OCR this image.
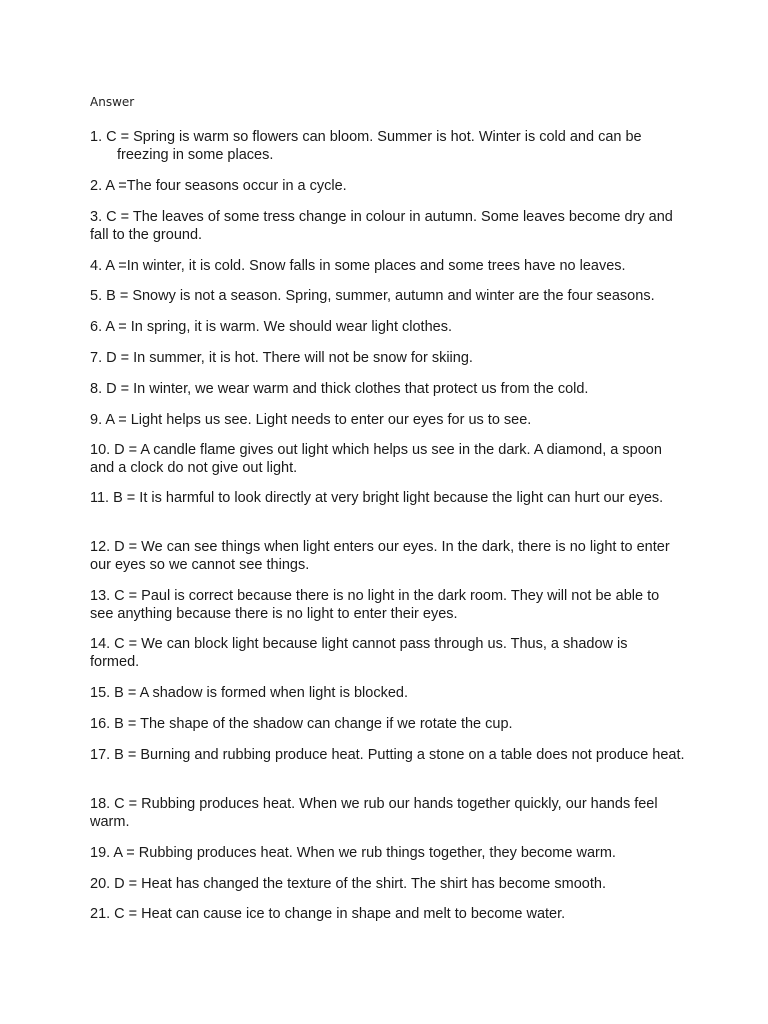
Answer

1. C = Spring is warm so flowers can bloom. Summer is hot. Winter is cold and can be freezing in some places.

2. A =The four seasons occur in a cycle.

3. C = The leaves of some tress change in colour in autumn. Some leaves become dry and fall to the ground.

4. A =In winter, it is cold. Snow falls in some places and some trees have no leaves.

5. B = Snowy is not a season. Spring, summer, autumn and winter are the four seasons.

6. A = In spring, it is warm. We should wear light clothes.

7. D = In summer, it is hot. There will not be snow for skiing.

8. D = In winter, we wear warm and thick clothes that protect us from the cold.

9. A = Light helps us see. Light needs to enter our eyes for us to see.

10. D = A candle flame gives out light which helps us see in the dark. A diamond, a spoon and a clock do not give out light.

11. B = It is harmful to look directly at very bright light because the light can hurt our eyes.

12. D = We can see things when light enters our eyes. In the dark, there is no light to enter our eyes so we cannot see things.

13. C = Paul is correct because there is no light in the dark room. They will not be able to see anything because there is no light to enter their eyes.

14. C = We can block light because light cannot pass through us. Thus, a shadow is formed.

15. B = A shadow is formed when light is blocked.

16. B = The shape of the shadow can change if we rotate the cup.

17. B = Burning and rubbing produce heat. Putting a stone on a table does not produce heat.

18. C = Rubbing produces heat. When we rub our hands together quickly, our hands feel warm.

19. A = Rubbing produces heat. When we rub things together, they become warm.

20. D = Heat has changed the texture of the shirt. The shirt has become smooth.

21. C = Heat can cause ice to change in shape and melt to become water.
